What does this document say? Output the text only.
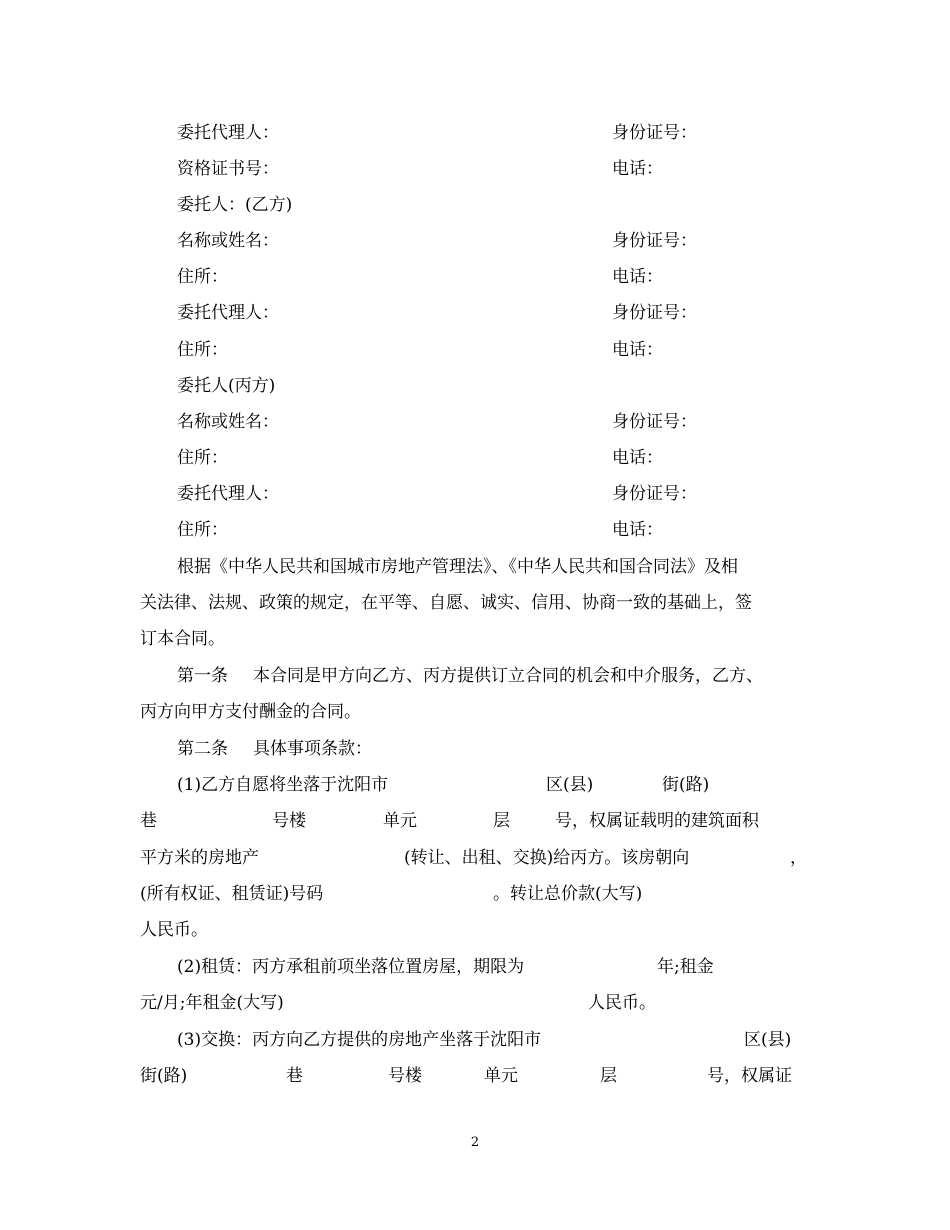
委托代理人：	身份证号：
资格证书号：	电话：
委托人：(乙方)
名称或姓名：	身份证号：
住所：	电话：
委托代理人：	身份证号：
住所：	电话：
委托人(丙方)
名称或姓名：	身份证号：
住所：	电话：
委托代理人：	身份证号：
住所：	电话：
根据《中华人民共和国城市房地产管理法》、《中华人民共和国合同法》及相
关法律、法规、政策的规定，在平等、自愿、诚实、信用、协商一致的基础上，签
订本合同。
第一条 本合同是甲方向乙方、丙方提供订立合同的机会和中介服务，乙方、
丙方向甲方支付酬金的合同。
第二条 具体事项条款：
(1)乙方自愿将坐落于沈阳市	区(县)	街(路)
巷	号楼	单元	层	号，权属证载明的建筑面积
平方米的房地产	(转让、出租、交换)给丙方。该房朝向	，
(所有权证、租赁证)号码	。转让总价款(大写)
人民币。
(2)租赁：丙方承租前项坐落位置房屋，期限为	年;租金
元/月;年租金(大写)	人民币。
(3)交换：丙方向乙方提供的房地产坐落于沈阳市	区(县)
街(路)	巷	号楼	单元	层	号，权属证
2
